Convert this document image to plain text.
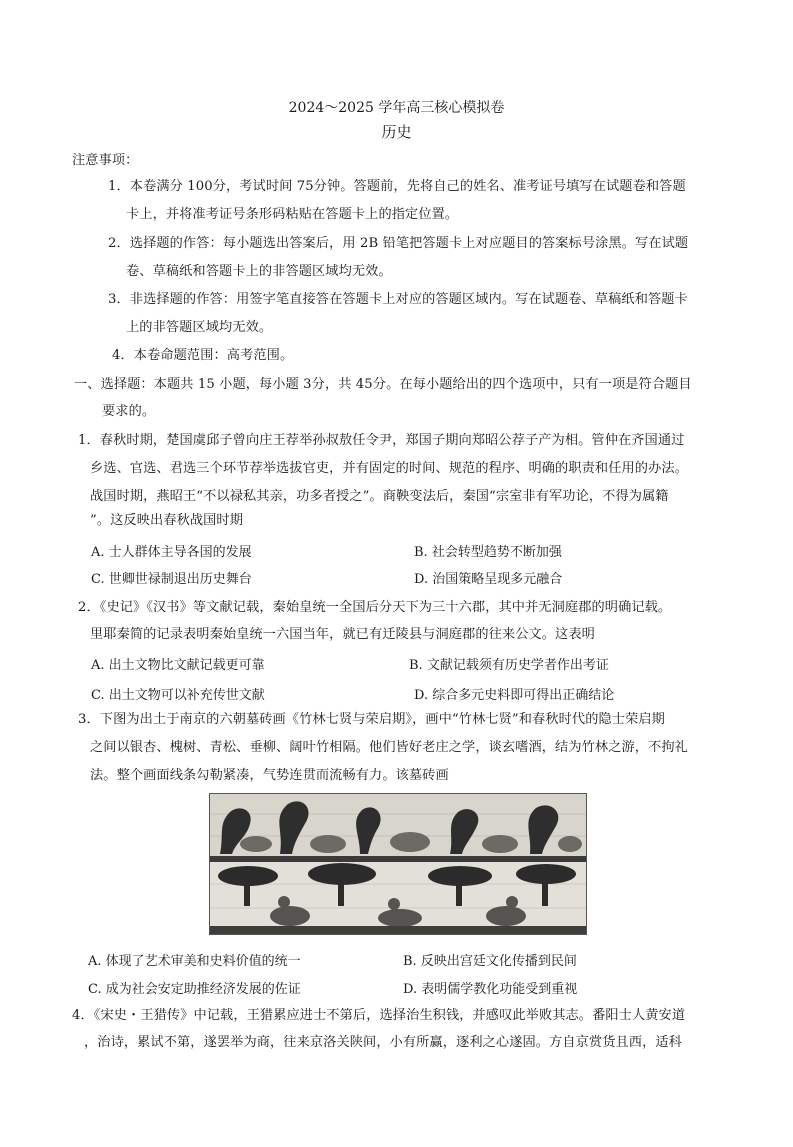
2024～2025 学年高三核心模拟卷
历史
注意事项：
1．本卷满分 100分，考试时间 75分钟。答题前，先将自己的姓名、准考证号填写在试题卷和答题
卡上，并将准考证号条形码粘贴在答题卡上的指定位置。
2．选择题的作答：每小题选出答案后，用 2B 铅笔把答题卡上对应题目的答案标号涂黑。写在试题
卷、草稿纸和答题卡上的非答题区域均无效。
3．非选择题的作答：用签字笔直接答在答题卡上对应的答题区域内。写在试题卷、草稿纸和答题卡
上的非答题区域均无效。
4．本卷命题范围：高考范围。
一、选择题：本题共 15 小题，每小题 3分，共 45分。在每小题给出的四个选项中，只有一项是符合题目
要求的。
1．春秋时期，楚国虞邱子曾向庄王荐举孙叔敖任令尹，郑国子期向郑昭公荐子产为相。管仲在齐国通过
乡选、官选、君选三个环节荐举选拔官吏，并有固定的时间、规范的程序、明确的职责和任用的办法。
战国时期，燕昭王“不以禄私其亲，功多者授之”。商鞅变法后，秦国“宗室非有军功论，不得为属籍
”。这反映出春秋战国时期
A. 士人群体主导各国的发展	B. 社会转型趋势不断加强
C. 世卿世禄制退出历史舞台	D. 治国策略呈现多元融合
2．《史记》《汉书》等文献记载，秦始皇统一全国后分天下为三十六郡，其中并无洞庭郡的明确记载。
里耶秦简的记录表明秦始皇统一六国当年，就已有迁陵县与洞庭郡的往来公文。这表明
A. 出土文物比文献记载更可靠	B. 文献记载须有历史学者作出考证
C. 出土文物可以补充传世文献	D. 综合多元史料即可得出正确结论
3．下图为出土于南京的六朝墓砖画《竹林七贤与荣启期》，画中“竹林七贤”和春秋时代的隐士荣启期
之间以银杏、槐树、青松、垂柳、阔叶竹相隔。他们皆好老庄之学，谈玄嗜酒，结为竹林之游，不拘礼
法。整个画面线条勾勒紧凑，气势连贯而流畅有力。该墓砖画
A. 体现了艺术审美和史料价值的统一	B. 反映出宫廷文化传播到民间
C. 成为社会安定助推经济发展的佐证	D. 表明儒学教化功能受到重视
4．《宋史・王猎传》中记载，王猎累应进士不第后，选择治生积钱，并感叹此举败其志。番阳士人黄安道
，治诗，累试不第，遂罢举为商，往来京洛关陕间，小有所赢，逐利之心遂固。方自京赏货且西，适科
